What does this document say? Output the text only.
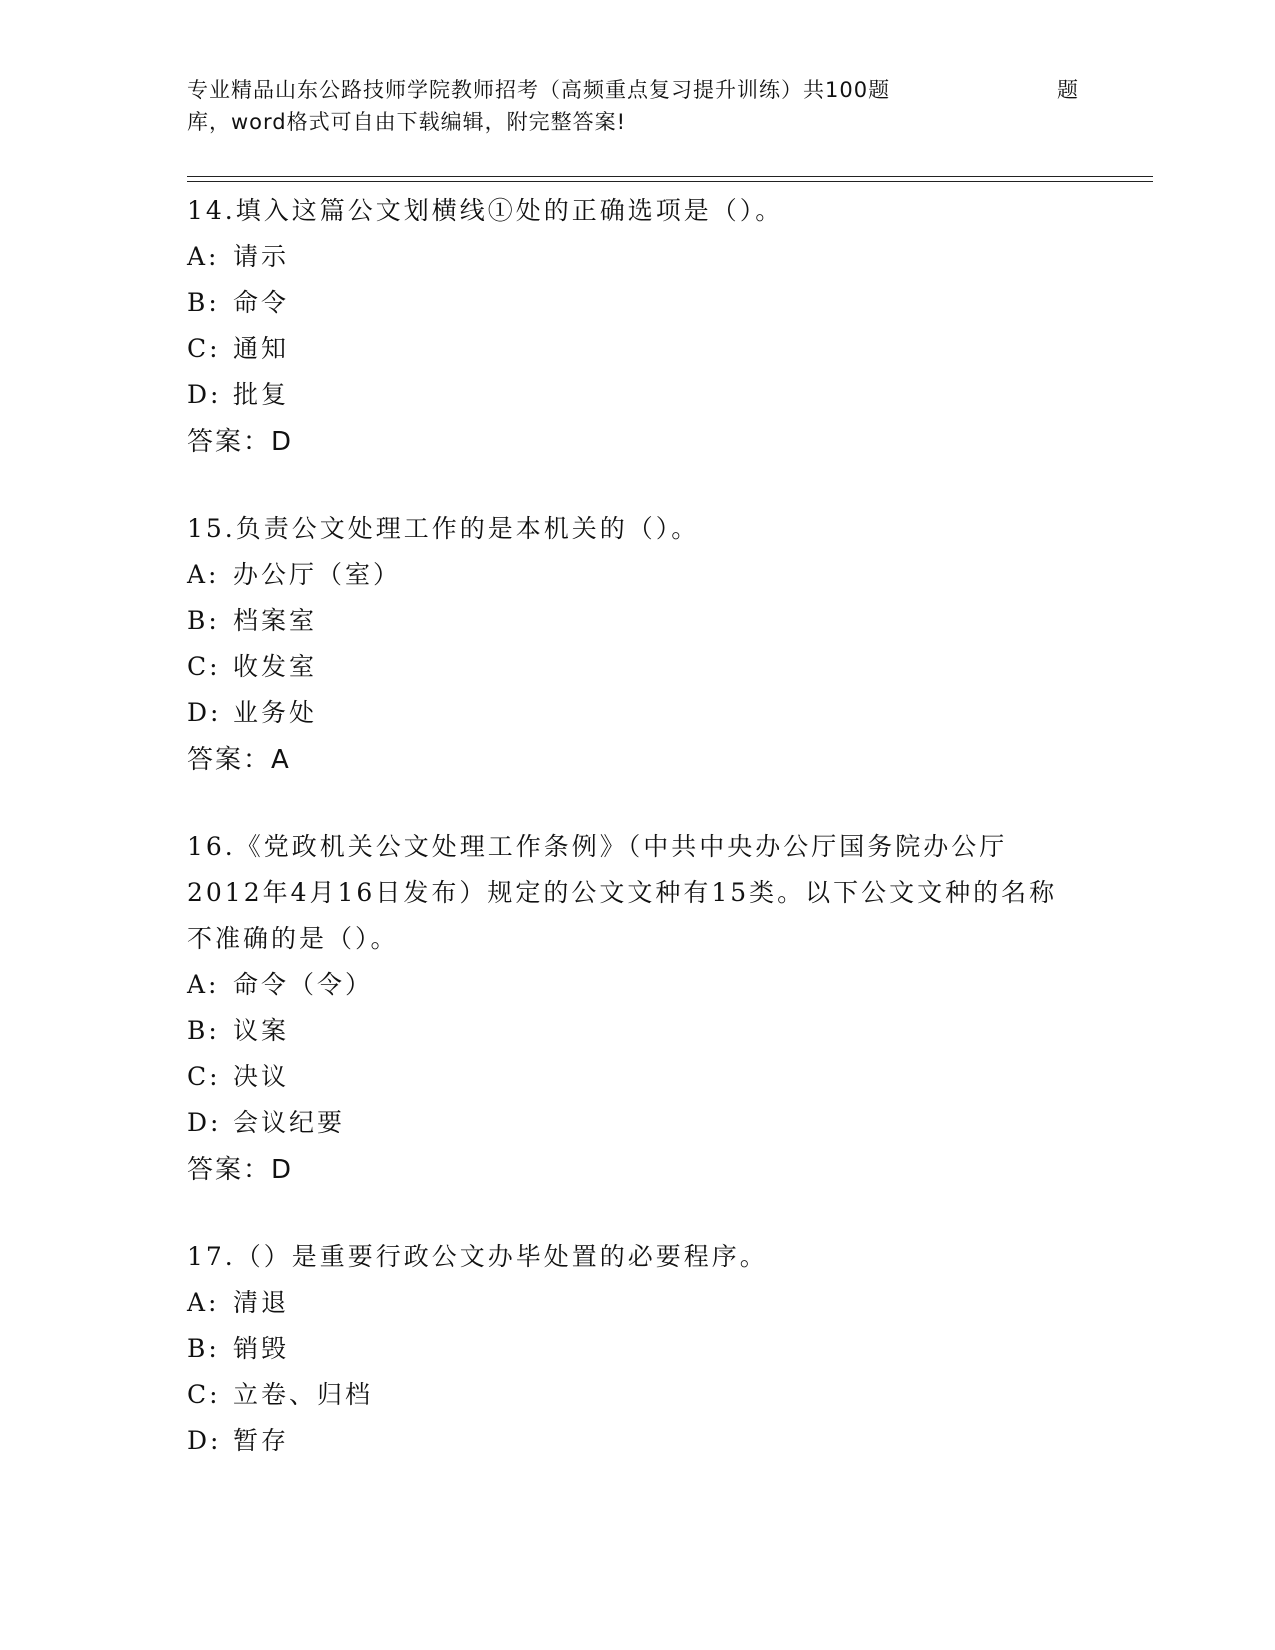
专业精品山东公路技师学院教师招考（高频重点复习提升训练）共100题	题
库，word格式可自由下载编辑，附完整答案!
14.填入这篇公文划横线①处的正确选项是（）。
A: 请示
B: 命令
C: 通知
D: 批复
答案：D
15.负责公文处理工作的是本机关的（）。
A: 办公厅（室）
B: 档案室
C: 收发室
D: 业务处
答案：A
16.《党政机关公文处理工作条例》（中共中央办公厅国务院办公厅2012年4月16日发布）规定的公文文种有15类。以下公文文种的名称不准确的是（）。
A: 命令（令）
B: 议案
C: 决议
D: 会议纪要
答案：D
17.（）是重要行政公文办毕处置的必要程序。
A: 清退
B: 销毁
C: 立卷、归档
D: 暂存
